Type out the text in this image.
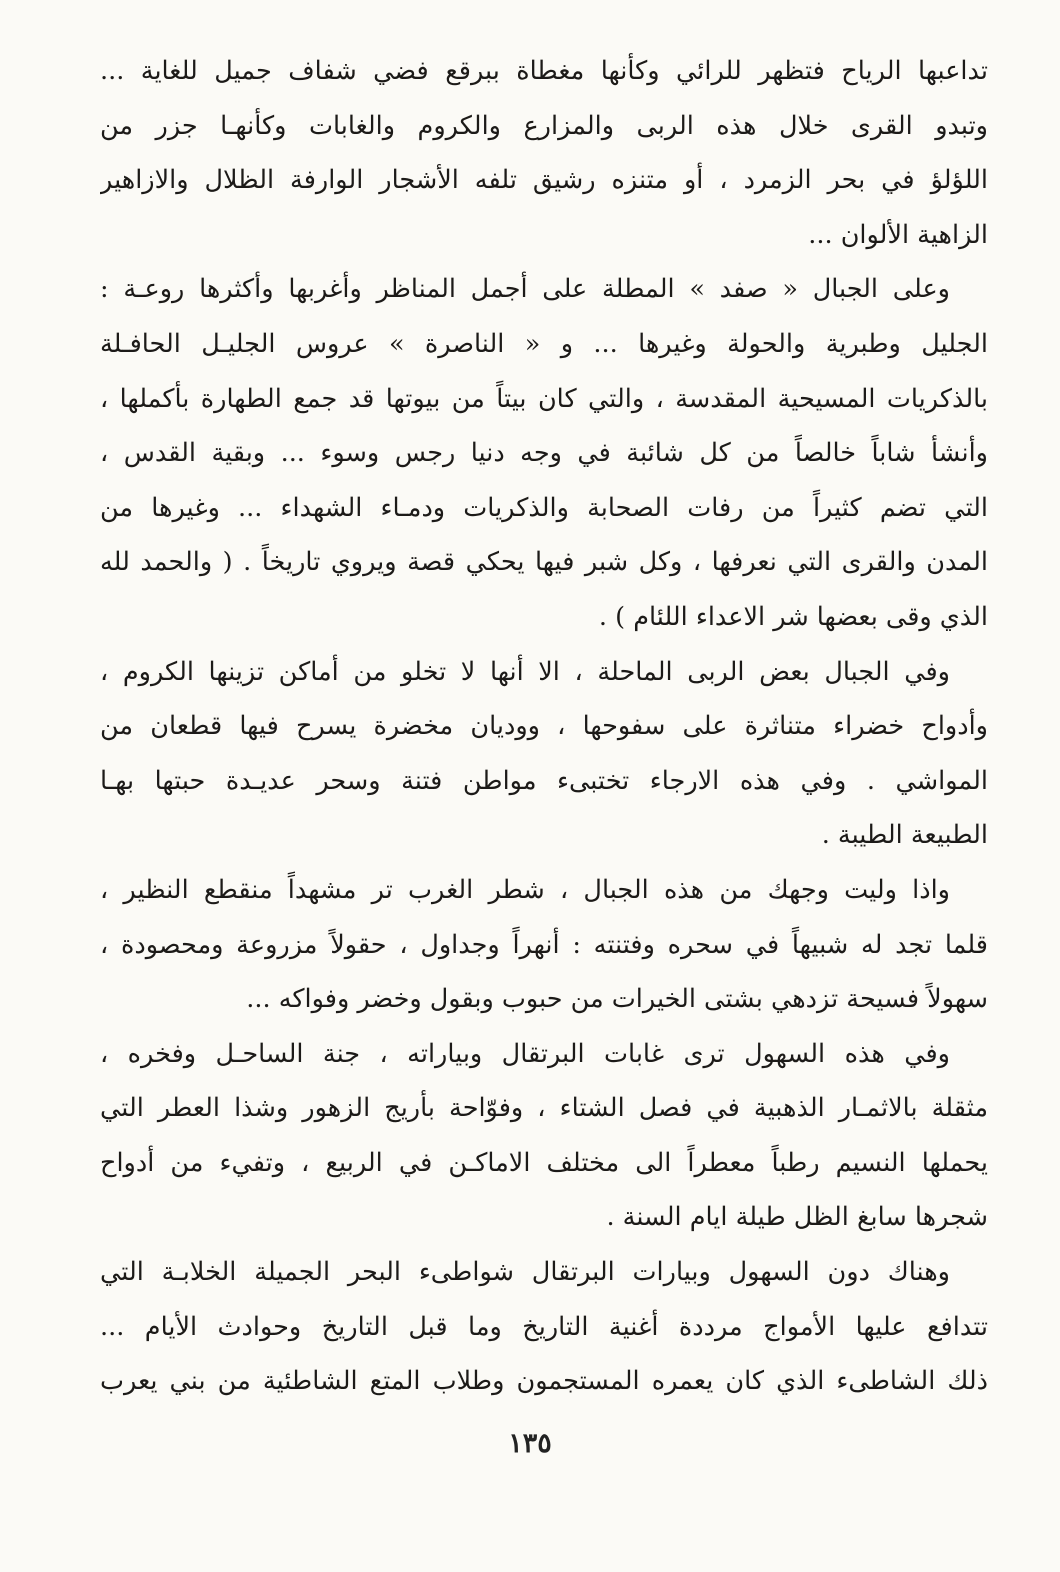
تداعبها الرياح فتظهر للرائي وكأنها مغطاة ببرقع فضي شفاف جميل للغاية ...
وتبدو القرى خلال هذه الربى والمزارع والكروم والغابات وكأنهـا جزر من
اللؤلؤ في بحر الزمرد ، أو متنزه رشيق تلفه الأشجار الوارفة الظلال والازاهير
الزاهية الألوان ...
وعلى الجبال « صفد » المطلة على أجمل المناظر وأغربها وأكثرها روعـة :
الجليل وطبرية والحولة وغيرها ... و « الناصرة » عروس الجليـل الحافـلة
بالذكريات المسيحية المقدسة ، والتي كان بيتاً من بيوتها قد جمع الطهارة بأكملها ،
وأنشأ شاباً خالصاً من كل شائبة في وجه دنيا رجس وسوء ... وبقية القدس ،
التي تضم كثيراً من رفات الصحابة والذكريات ودمـاء الشهداء ... وغيرها من
المدن والقرى التي نعرفها ، وكل شبر فيها يحكي قصة ويروي تاريخاً . ( والحمد لله
الذي وقى بعضها شر الاعداء اللئام ) .
وفي الجبال بعض الربى الماحلة ، الا أنها لا تخلو من أماكن تزينها الكروم ،
وأدواح خضراء متناثرة على سفوحها ، ووديان مخضرة يسرح فيها قطعان من
المواشي . وفي هذه الارجاء تختبىء مواطن فتنة وسحر عديـدة حبتها بهـا
الطبيعة الطيبة .
واذا وليت وجهك من هذه الجبال ، شطر الغرب تر مشهداً منقطع النظير ،
قلما تجد له شبيهاً في سحره وفتنته : أنهراً وجداول ، حقولاً مزروعة ومحصودة ،
سهولاً فسيحة تزدهي بشتى الخيرات من حبوب وبقول وخضر وفواكه ...
وفي هذه السهول ترى غابات البرتقال وبياراته ، جنة الساحـل وفخره ،
مثقلة بالاثمـار الذهبية في فصل الشتاء ، وفوّاحة بأريج الزهور وشذا العطر التي
يحملها النسيم رطباً معطراً الى مختلف الاماكـن في الربيع ، وتفيء من أدواح
شجرها سابغ الظل طيلة ايام السنة .
وهناك دون السهول وبيارات البرتقال شواطىء البحر الجميلة الخلابـة التي
تتدافع عليها الأمواج مرددة أغنية التاريخ وما قبل التاريخ وحوادث الأيام ...
ذلك الشاطىء الذي كان يعمره المستجمون وطلاب المتع الشاطئية من بني يعرب
١٣٥
